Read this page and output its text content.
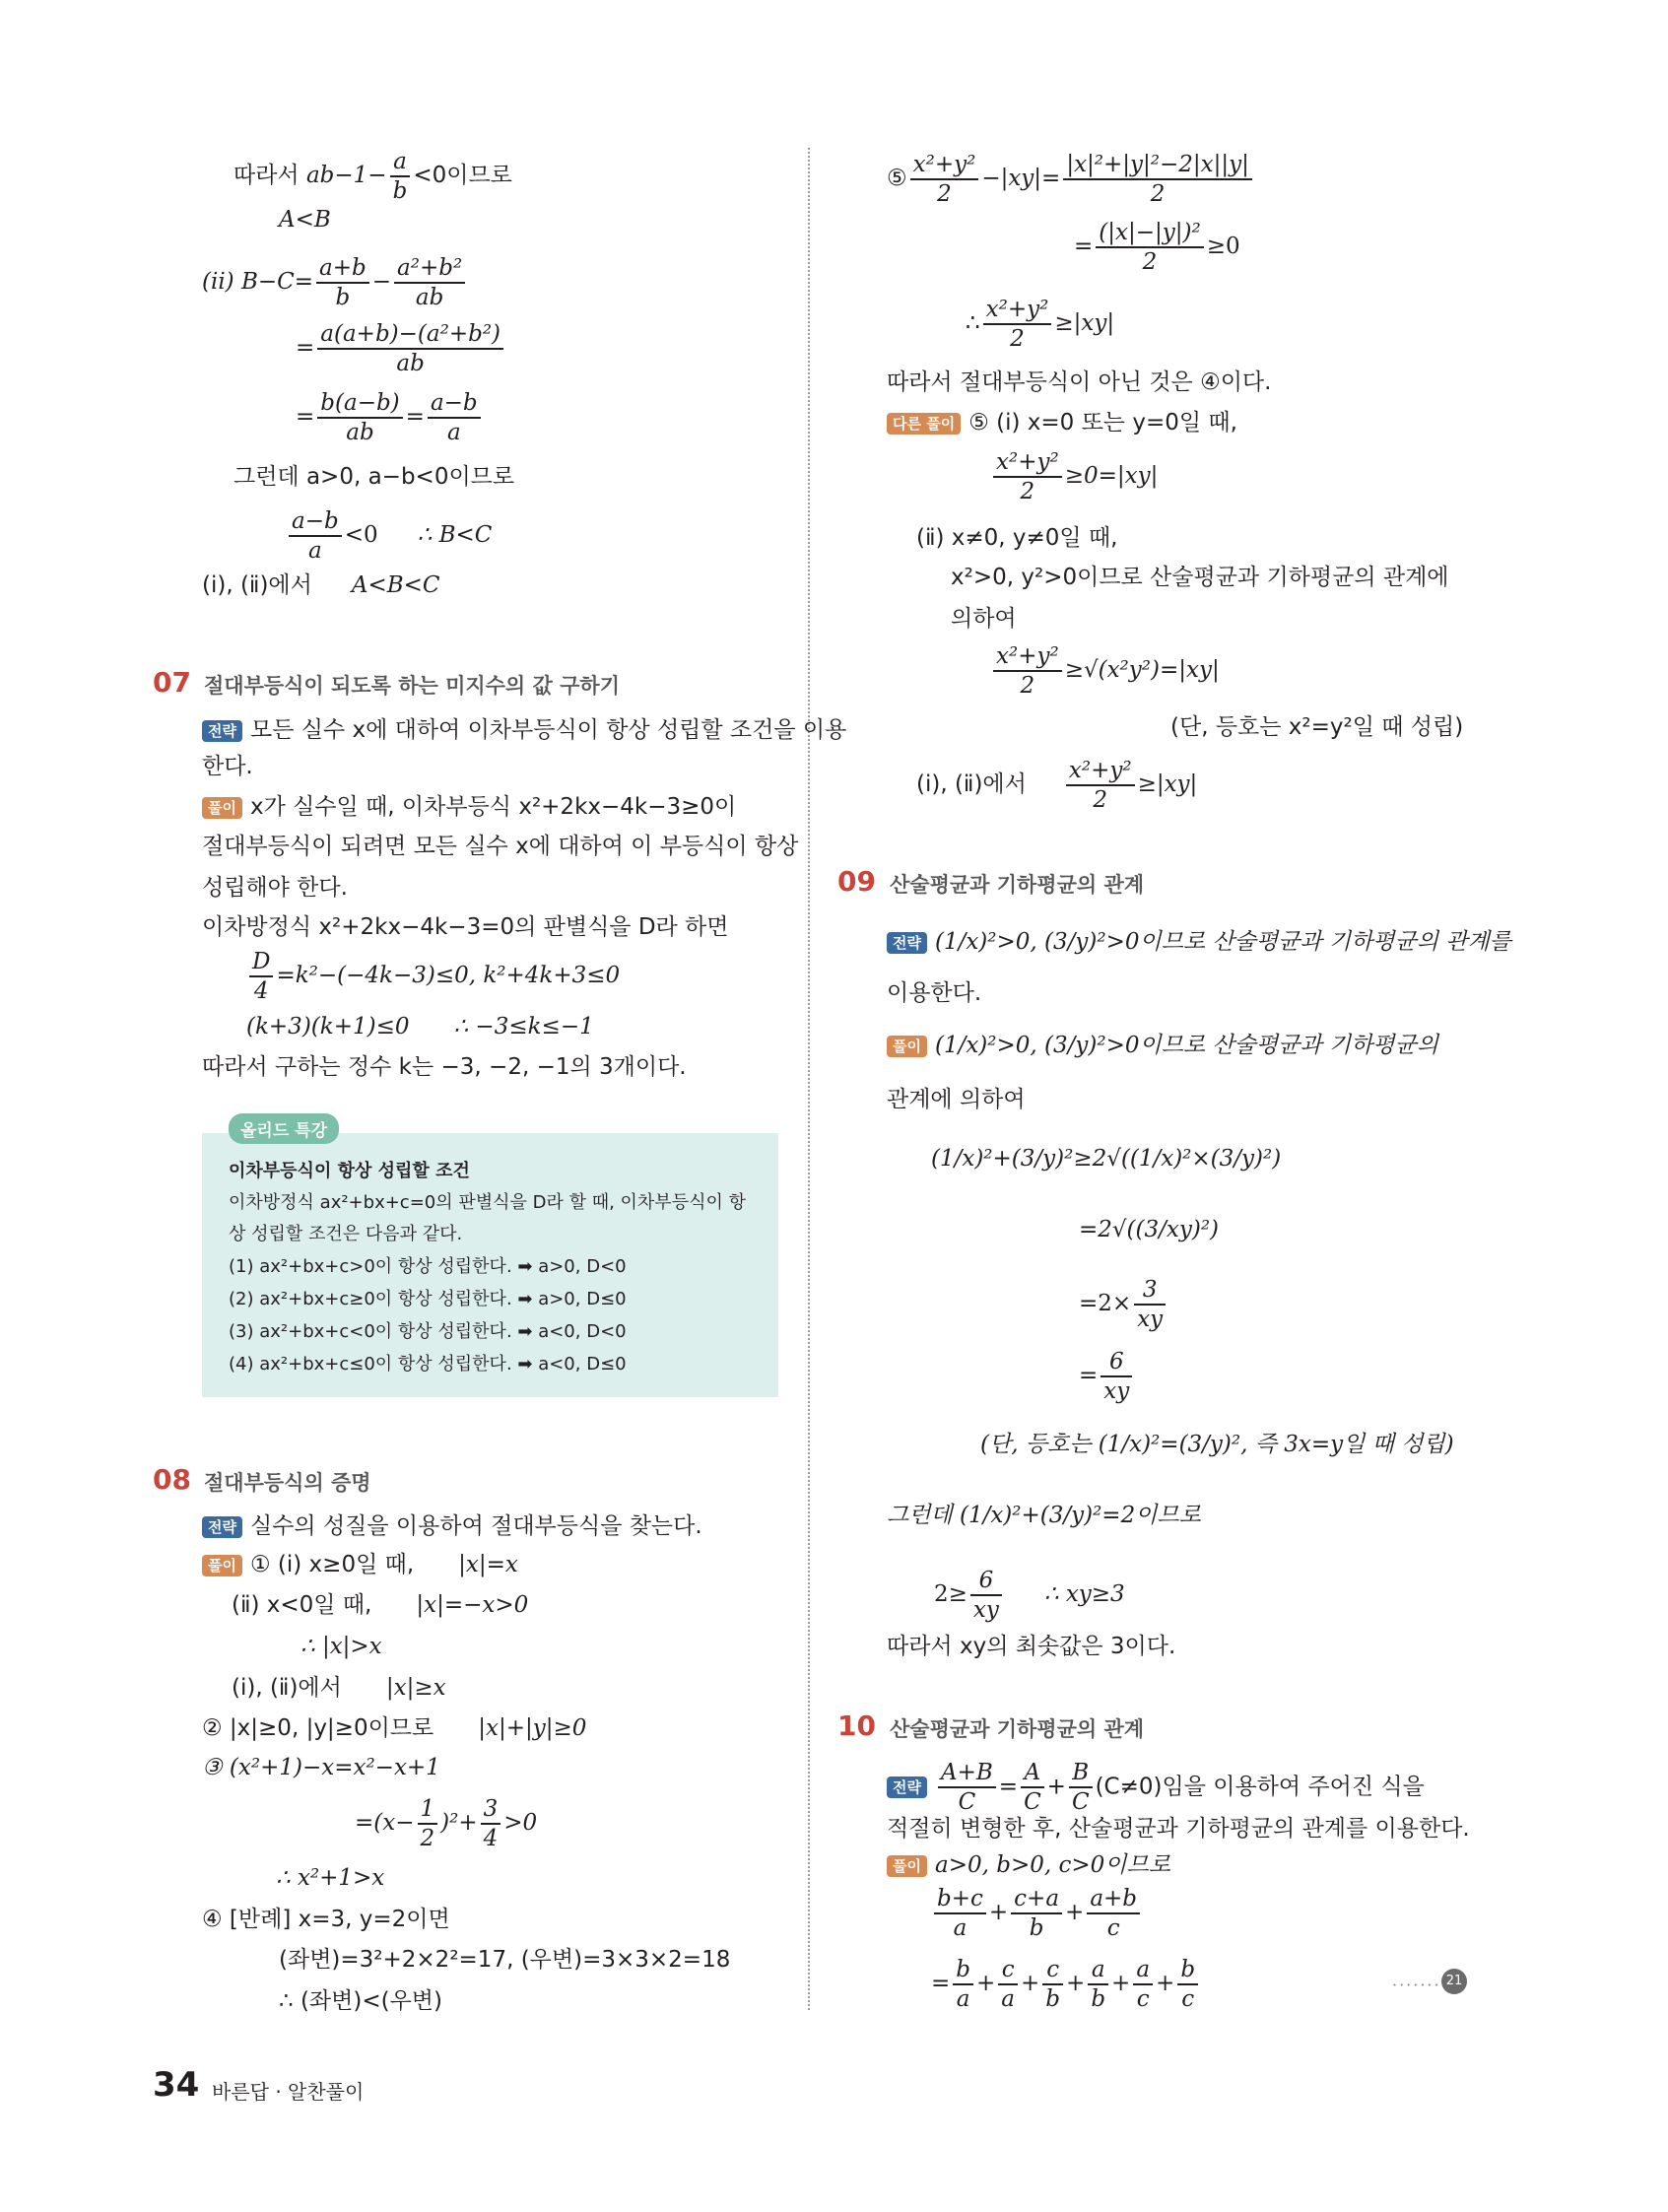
따라서 $ab-1- \frac{a}{b} <0$이므로
A<B
(ⅱ) $B-C= \frac{a+b}{b} - \frac{\text{a²+b²}}{ab}$
= $\frac{\text{a(a+b)−(a²+b²)}}{ab}$
= $\frac{b(a-b)}{ab} = \frac{a-b}{a}$
그런데 a>0, a−b<0이므로
$\frac{a-b}{a} <0$ ∴ B<C
(ⅰ), (ⅱ)에서 A<B<C
07 절대부등식이 되도록 하는 미지수의 값 구하기
전략 모든 실수 x에 대하여 이차부등식이 항상 성립할 조건을 이용
한다.
풀이 x가 실수일 때, 이차부등식 x²+2kx−4k−3≥0이
절대부등식이 되려면 모든 실수 x에 대하여 이 부등식이 항상
성립해야 한다.
이차방정식 x²+2kx−4k−3=0의 판별식을 D라 하면
$\frac{D}{4} =k^2-(-4k-3)\le 0$, k²+4k+3≤0
(k+3)(k+1)≤0 ∴ −3≤k≤−1
따라서 구하는 정수 k는 −3, −2, −1의 3개이다.
올리드 특강
이차부등식이 항상 성립할 조건
이차방정식 ax²+bx+c=0의 판별식을 D라 할 때, 이차부등식이 항
상 성립할 조건은 다음과 같다.
(1) ax²+bx+c>0이 항상 성립한다. ➡ a>0, D<0
(2) ax²+bx+c≥0이 항상 성립한다. ➡ a>0, D≤0
(3) ax²+bx+c<0이 항상 성립한다. ➡ a<0, D<0
(4) ax²+bx+c≤0이 항상 성립한다. ➡ a<0, D≤0
08 절대부등식의 증명
전략 실수의 성질을 이용하여 절대부등식을 찾는다.
풀이 ① (ⅰ) x≥0일 때, |x|=x
(ⅱ) x<0일 때, |x|=−x>0
∴ |x|>x
(ⅰ), (ⅱ)에서 |x|≥x
② |x|≥0, |y|≥0이므로 |x|+|y|≥0
③ (x²+1)−x=x²−x+1
$=(x- \frac{1}{2} )^2+ \frac{3}{4} >0$
∴ x²+1>x
④ [반례] x=3, y=2이면
(좌변)=3²+2×2²=17, (우변)=3×3×2=18
∴ (좌변)<(우변)
⑤ $\frac{\text{x²+y²}}{2} -|xy|= \frac{\text{|x|²+|y|²−2|x||y|}}{2}$
= $\frac{\text{(|x|−|y|)²}}{2} \ge 0$
∴ $\frac{\text{x²+y²}}{2} \ge|xy|$
따라서 절대부등식이 아닌 것은 ④이다.
다른 풀이 ⑤ (ⅰ) x=0 또는 y=0일 때,
$\frac{\text{x²+y²}}{2} \ge 0=|xy|$
(ⅱ) x≠0, y≠0일 때,
x²>0, y²>0이므로 산술평균과 기하평균의 관계에
의하여
$\frac{\text{x²+y²}}{2} \ge√(x^2y^2)=|xy|$
(단, 등호는 x²=y²일 때 성립)
(ⅰ), (ⅱ)에서 $\frac{\text{x²+y²}}{2} \ge|xy|$
09 산술평균과 기하평균의 관계
전략 (1/x)²>0, (3/y)²>0이므로 산술평균과 기하평균의 관계를
이용한다.
풀이 (1/x)²>0, (3/y)²>0이므로 산술평균과 기하평균의
관계에 의하여
(1/x)²+(3/y)²≥2√((1/x)²×(3/y)²)
=2√((3/xy)²)
$=2\times \frac{3}{xy}$
= $\frac{6}{xy}$
(단, 등호는 (1/x)²=(3/y)², 즉 3x=y일 때 성립)
그런데 (1/x)²+(3/y)²=2이므로
$2\ge \frac{6}{xy}$ ∴ xy≥3
따라서 xy의 최솟값은 3이다.
10 산술평균과 기하평균의 관계
전략 $\frac{A+B}{C} = \frac{A}{C} + \frac{B}{C} (C\ne 0)$임을 이용하여 주어진 식을
적절히 변형한 후, 산술평균과 기하평균의 관계를 이용한다.
풀이 a>0, b>0, c>0이므로
$\frac{b+c}{a} + \frac{c+a}{b} + \frac{a+b}{c}$
= $\frac{b}{a} + \frac{c}{a} + \frac{c}{b} + \frac{a}{b} + \frac{a}{c} + \frac{b}{c}$	······· 21
34 바른답 · 알찬풀이
